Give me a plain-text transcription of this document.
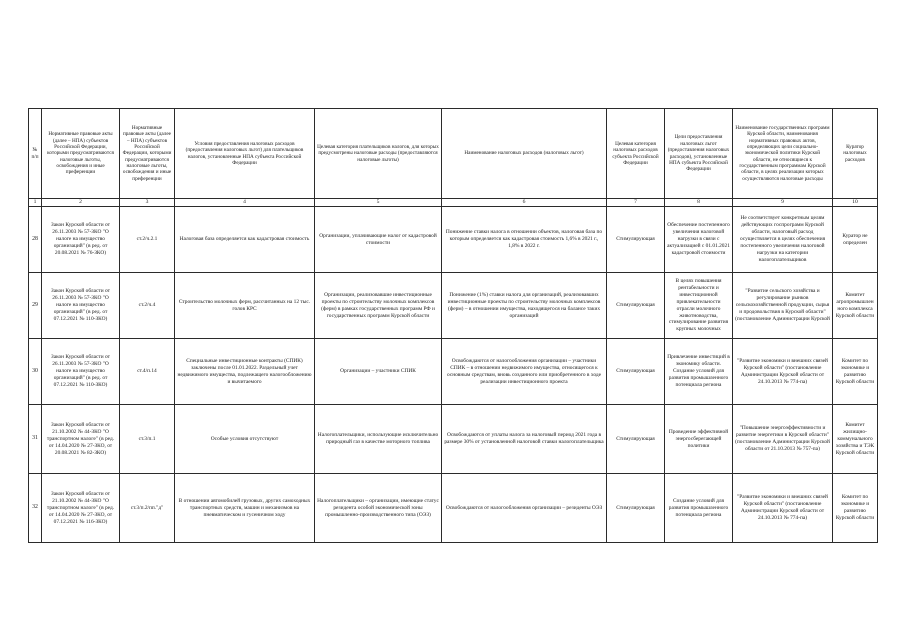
№ п/п	Нормативные правовые акты (далее – НПА) субъектов Российской Федерации, которыми предусматриваются налоговые льготы, освобождения и иные преференции	Нормативные правовые акты (далее – НПА) субъектов Российской Федерации, которыми предусматриваются налоговые льготы, освобождения и иные преференции	Условия предоставления налоговых расходов (предоставления налоговых льгот) для плательщиков налогов, установленные НПА субъекта Российской Федерации	Целевая категория плательщиков налогов, для которых предусмотрены налоговые расходы (предоставляются налоговые льготы)	Наименование налоговых расходов (налоговых льгот)	Целевая категория налоговых расходов субъекта Российской Федерации	Цели предоставления налоговых льгот (предоставления налоговых расходов), установленные НПА субъекта Российской Федерации	Наименование государственных программ Курской области, наименования нормативных правовых актов, определяющих цели социально-экономической политики Курской области, не относящиеся к государственным программам Курской области, в целях реализации которых осуществляются налоговые расходы	Куратор налоговых расходов
1	2	3	4	5	6	7	8	9	10
28	Закон Курской области от 26.11.2003 № 57-ЗКО "О налоге на имущество организаций" (в ред. от 20.08.2021 № 76-ЗКО)	ст.2/ч.2.1	Налоговая база определяется как кадастровая стоимость	Организации, уплачивающие налог от кадастровой стоимости	Понижение ставки налога в отношении объектов, налоговая база по которым определяется как кадастровая стоимость 1,6% в 2021 г., 1,8% в 2022 г.	Стимулирующая	Обеспечение постепенного увеличения налоговой нагрузки в связи с актуализацией с 01.01.2021 кадастровой стоимости	Не соответствует конкретным целям действующих госпрограмм Курской области, налоговый расход осуществляется в целях обеспечения постепенного увеличения налоговой нагрузки на категории налогоплательщиков	Куратор не определен
29	Закон Курской области от 26.11.2003 № 57-ЗКО "О налоге на имущество организаций" (в ред. от 07.12.2021 № 110-ЗКО)	ст.2/ч.4	Строительство молочных ферм, рассчитанных на 12 тыс. голов КРС	Организации, реализовавшие инвестиционные проекты по строительству молочных комплексов (ферм) в рамках государственных программ РФ и государственных программ Курской области	Понижение (1%) ставки налога для организаций, реализовавших инвестиционные проекты по строительству молочных комплексов (ферм) – в отношении имущества, находящегося на балансе таких организаций	Стимулирующая	В целях повышения рентабельности и инвестиционной привлекательности отрасли молочного животноводства, стимулирование развития крупных молочных	"Развитие сельского хозяйства и регулирование рынков сельскохозяйственной продукции, сырья и продовольствия в Курской области" (постановление Администрации Курской	Комитет агропромышленного комплекса Курской области
30	Закон Курской области от 26.11.2003 № 57-ЗКО "О налоге на имущество организаций" (в ред. от 07.12.2021 № 110-ЗКО)	ст.4/п.14	Специальные инвестиционные контракты (СПИК) заключены после 01.01.2022. Раздельный учет недвижимого имущества, подлежащего налогообложению и вычитаемого	Организации – участники СПИК	Освобождаются от налогообложения организации – участники СПИК – в отношении недвижимого имущества, относящегося к основным средствам, вновь созданного или приобретенного в ходе реализации инвестиционного проекта	Стимулирующая	Привлечение инвестиций в экономику области. Создание условий для развития промышленного потенциала региона	"Развитие экономики и внешних связей Курской области" (постановление Администрации Курской области от 24.10.2013 № 774-па)	Комитет по экономике и развитию Курской области
31	Закон Курской области от 21.10.2002 № 44-ЗКО "О транспортном налоге" (в ред. от 14.04.2020 № 27-ЗКО, от 20.08.2021 № 82-ЗКО)	ст.3/п.1	Особые условия отсутствуют	Налогоплательщики, использующие исключительно природный газ в качестве моторного топлива	Освобождаются от уплаты налога за налоговый период 2021 года в размере 30% от установленной налоговой ставки налогоплательщика	Стимулирующая	Проведение эффективной энергосберегающей политики	"Повышение энергоэффективности и развитие энергетики в Курской области" (постановление Администрации Курской области от 21.10.2013 № 757-па)	Комитет жилищно-коммунального хозяйства и ТЭК Курской области
32	Закон Курской области от 21.10.2002 № 44-ЗКО "О транспортном налоге" (в ред. от 14.04.2020 № 27-ЗКО, от 07.12.2021 № 116-ЗКО)	ст.3/п.2/пп."д"	В отношении автомобилей грузовых, других самоходных транспортных средств, машин и механизмов на пневматическом и гусеничном ходу	Налогоплательщики – организации, имеющие статус резидента особой экономической зоны промышленно-производственного типа (ОЭЗ)	Освобождаются от налогообложения организации – резиденты ОЭЗ	Стимулирующая	Создание условий для развития промышленного потенциала региона	"Развитие экономики и внешних связей Курской области" (постановление Администрации Курской области от 24.10.2013 № 774-па)	Комитет по экономике и развитию Курской области
